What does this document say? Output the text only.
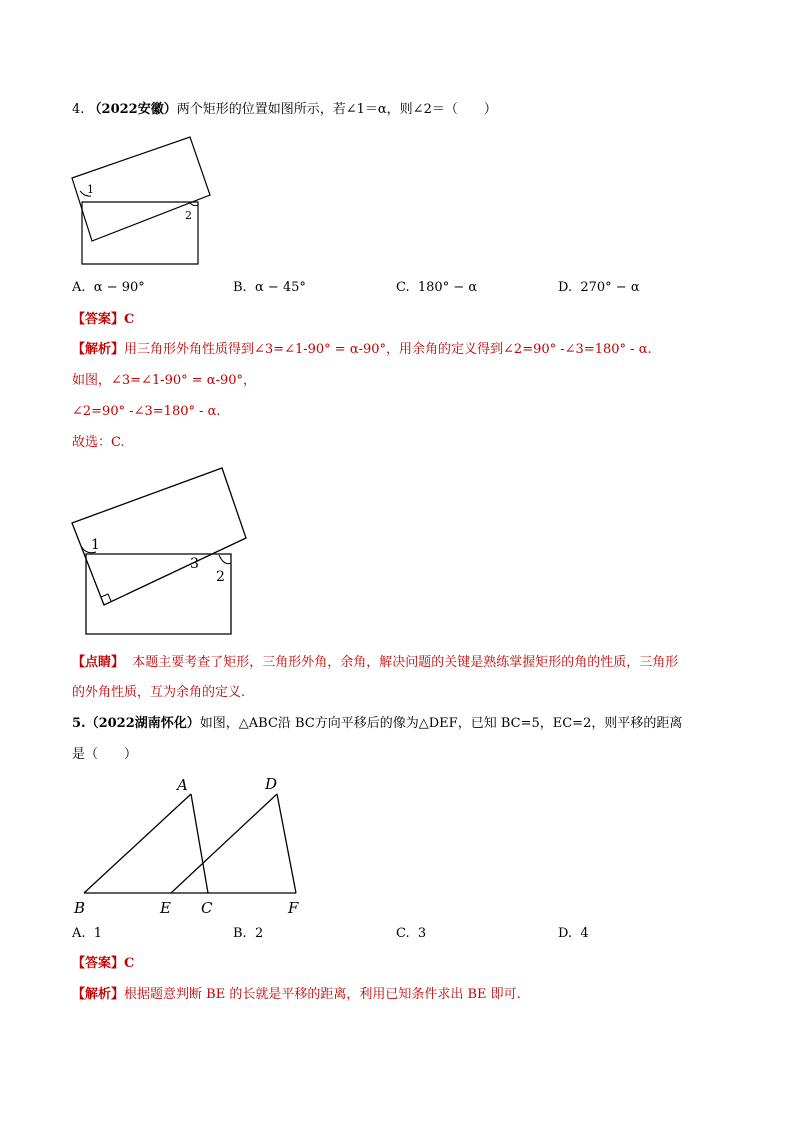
4. （2022安徽）两个矩形的位置如图所示，若∠1＝α，则∠2＝（　　）
1
2
A. α − 90°	B. α − 45°	C. 180° − α	D. 270° − α
【答案】C
【解析】用三角形外角性质得到∠3=∠1-90° = α-90°，用余角的定义得到∠2=90° -∠3=180° - α.
如图，∠3=∠1-90° = α-90°，
∠2=90° -∠3=180° - α.
故选：C.
1
3
2
【点睛】 本题主要考查了矩形，三角形外角，余角，解决问题的关键是熟练掌握矩形的角的性质，三角形
的外角性质，互为余角的定义.
5.（2022湖南怀化）如图，△ABC沿 BC方向平移后的像为△DEF，已知 BC=5，EC=2，则平移的距离
是（　　）
A	D
B	E C	F
A. 1	B. 2	C. 3	D. 4
【答案】C
【解析】根据题意判断 BE 的长就是平移的距离，利用已知条件求出 BE 即可.
